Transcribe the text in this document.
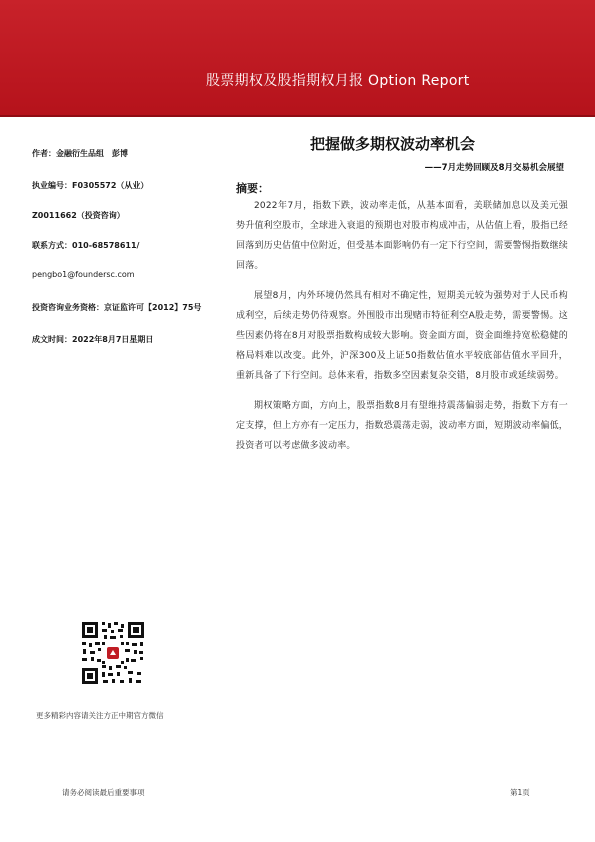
股票期权及股指期权月报 Option Report
作者：金融衍生品组　彭博
执业编号：F0305572（从业）
Z0011662（投资咨询）
联系方式：010-68578611/
pengbo1@foundersc.com
投资咨询业务资格：京证监许可【2012】75号
成文时间：2022年8月7日星期日
把握做多期权波动率机会
——7月走势回顾及8月交易机会展望
摘要：

2022年7月，指数下跌，波动率走低，从基本面看，美联储加息以及美元强势升值利空股市，全球进入衰退的预期也对股市构成冲击，从估值上看，股指已经回落到历史估值中位附近，但受基本面影响仍有一定下行空间，需要警惕指数继续回落。

展望8月，内外环境仍然具有相对不确定性，短期美元较为强势对于人民币构成利空，后续走势仍待观察。外围股市出现赌市特征利空A股走势，需要警惕。这些因素仍将在8月对股票指数构成较大影响。资金面方面，资金面维持宽松稳健的格局料难以改变。此外，沪深300及上证50指数估值水平较底部估值水平回升，重新具备了下行空间。总体来看，指数多空因素复杂交错，8月股市或延续弱势。

期权策略方面，方向上，股票指数8月有望维持震荡偏弱走势，指数下方有一定支撑，但上方亦有一定压力，指数恐震荡走弱，波动率方面，短期波动率偏低，投资者可以考虑做多波动率。

更多精彩内容请关注方正中期官方微信
请务必阅读最后重要事项	第1页
